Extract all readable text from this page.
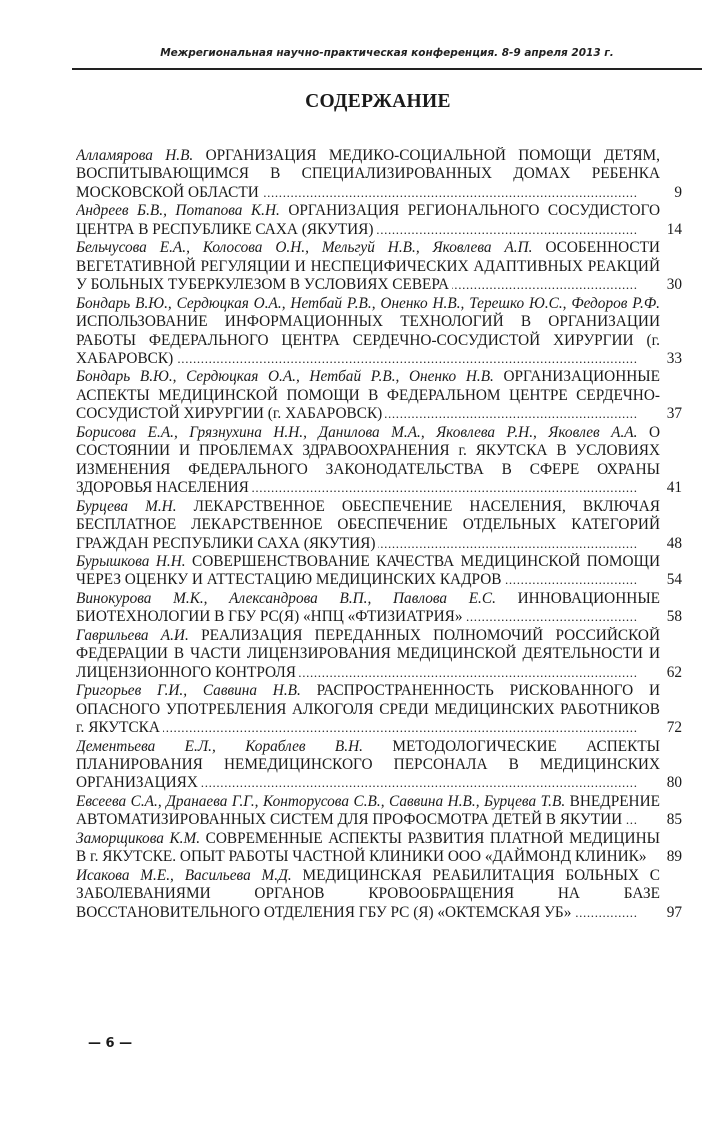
Межрегиональная научно-практическая конференция. 8-9 апреля 2013 г.
СОДЕРЖАНИЕ
. . . Алламярова Н.В. ОРГАНИЗАЦИЯ МЕДИКО-СОЦИАЛЬНОЙ ПОМОЩИ ДЕТЯМ, ВОСПИТЫВАЮЩИМСЯ В СПЕЦИАЛИЗИРОВАННЫХ ДОМАХ РЕБЕНКА МОСКОВСКОЙ ОБЛАСТИ	9
. . . Андреев Б.В., Потапова К.Н. ОРГАНИЗАЦИЯ РЕГИОНАЛЬНОГО СОСУДИСТОГО ЦЕНТРА В РЕСПУБЛИКЕ САХА (ЯКУТИЯ)	14
. . . Бельчусова Е.А., Колосова О.Н., Мельгуй Н.В., Яковлева А.П. ОСОБЕННОСТИ ВЕГЕТАТИВНОЙ РЕГУЛЯЦИИ И НЕСПЕЦИФИЧЕСКИХ АДАПТИВНЫХ РЕАКЦИЙ У БОЛЬНЫХ ТУБЕРКУЛЕЗОМ В УСЛОВИЯХ СЕВЕРА	30
. . . Бондарь В.Ю., Сердюцкая О.А., Нетбай Р.В., Оненко Н.В., Терешко Ю.С., Федоров Р.Ф. ИСПОЛЬЗОВАНИЕ ИНФОРМАЦИОННЫХ ТЕХНОЛОГИЙ В ОРГАНИЗАЦИИ РАБОТЫ ФЕДЕРАЛЬНОГО ЦЕНТРА СЕРДЕЧНО-СОСУДИСТОЙ ХИРУРГИИ (г. ХАБАРОВСК)	33
. . . Бондарь В.Ю., Сердюцкая О.А., Нетбай Р.В., Оненко Н.В. ОРГАНИЗАЦИОННЫЕ АСПЕКТЫ МЕДИЦИНСКОЙ ПОМОЩИ В ФЕДЕРАЛЬНОМ ЦЕНТРЕ СЕРДЕЧНО-СОСУДИСТОЙ ХИРУРГИИ (г. ХАБАРОВСК)	37
. . . Борисова Е.А., Грязнухина Н.Н., Данилова М.А., Яковлева Р.Н., Яковлев А.А. О СОСТОЯНИИ И ПРОБЛЕМАХ ЗДРАВООХРАНЕНИЯ г. ЯКУТСКА В УСЛОВИЯХ ИЗМЕНЕНИЯ ФЕДЕРАЛЬНОГО ЗАКОНОДАТЕЛЬСТВА В СФЕРЕ ОХРАНЫ ЗДОРОВЬЯ НАСЕЛЕНИЯ	41
. . . Бурцева М.Н. ЛЕКАРСТВЕННОЕ ОБЕСПЕЧЕНИЕ НАСЕЛЕНИЯ, ВКЛЮЧАЯ БЕСПЛАТНОЕ ЛЕКАРСТВЕННОЕ ОБЕСПЕЧЕНИЕ ОТДЕЛЬНЫХ КАТЕГОРИЙ ГРАЖДАН РЕСПУБЛИКИ САХА (ЯКУТИЯ)	48
. . . Бурышкова Н.Н. СОВЕРШЕНСТВОВАНИЕ КАЧЕСТВА МЕДИЦИНСКОЙ ПОМОЩИ ЧЕРЕЗ ОЦЕНКУ И АТТЕСТАЦИЮ МЕДИЦИНСКИХ КАДРОВ	54
. . . Винокурова М.К., Александрова В.П., Павлова Е.С. ИННОВАЦИОННЫЕ БИОТЕХНОЛОГИИ В ГБУ РС(Я) «НПЦ «ФТИЗИАТРИЯ»	58
. . . Гаврильева А.И. РЕАЛИЗАЦИЯ ПЕРЕДАННЫХ ПОЛНОМОЧИЙ РОССИЙСКОЙ ФЕДЕРАЦИИ В ЧАСТИ ЛИЦЕНЗИРОВАНИЯ МЕДИЦИНСКОЙ ДЕЯТЕЛЬНОСТИ И ЛИЦЕНЗИОННОГО КОНТРОЛЯ	62
. . . Григорьев Г.И., Саввина Н.В. РАСПРОСТРАНЕННОСТЬ РИСКОВАННОГО И ОПАСНОГО УПОТРЕБЛЕНИЯ АЛКОГОЛЯ СРЕДИ МЕДИЦИНСКИХ РАБОТНИКОВ г. ЯКУТСКА	72
. . . Дементьева Е.Л., Кораблев В.Н. МЕТОДОЛОГИЧЕСКИЕ АСПЕКТЫ ПЛАНИРОВАНИЯ НЕМЕДИЦИНСКОГО ПЕРСОНАЛА В МЕДИЦИНСКИХ ОРГАНИЗАЦИЯХ	80
. . . Евсеева С.А., Дранаева Г.Г., Конторусова С.В., Саввина Н.В., Бурцева Т.В. ВНЕДРЕНИЕ АВТОМАТИЗИРОВАННЫХ СИСТЕМ ДЛЯ ПРОФОСМОТРА ДЕТЕЙ В ЯКУТИИ	85
. . . Заморщикова К.М. СОВРЕМЕННЫЕ АСПЕКТЫ РАЗВИТИЯ ПЛАТНОЙ МЕДИЦИНЫ В г. ЯКУТСКЕ. ОПЫТ РАБОТЫ ЧАСТНОЙ КЛИНИКИ ООО «ДАЙМОНД КЛИНИК»	89
. . . Исакова М.Е., Васильева М.Д. МЕДИЦИНСКАЯ РЕАБИЛИТАЦИЯ БОЛЬНЫХ С ЗАБОЛЕВАНИЯМИ ОРГАНОВ КРОВООБРАЩЕНИЯ НА БАЗЕ ВОССТАНОВИТЕЛЬНОГО ОТДЕЛЕНИЯ ГБУ РС (Я) «ОКТЕМСКАЯ УБ»	97
— 6 —
